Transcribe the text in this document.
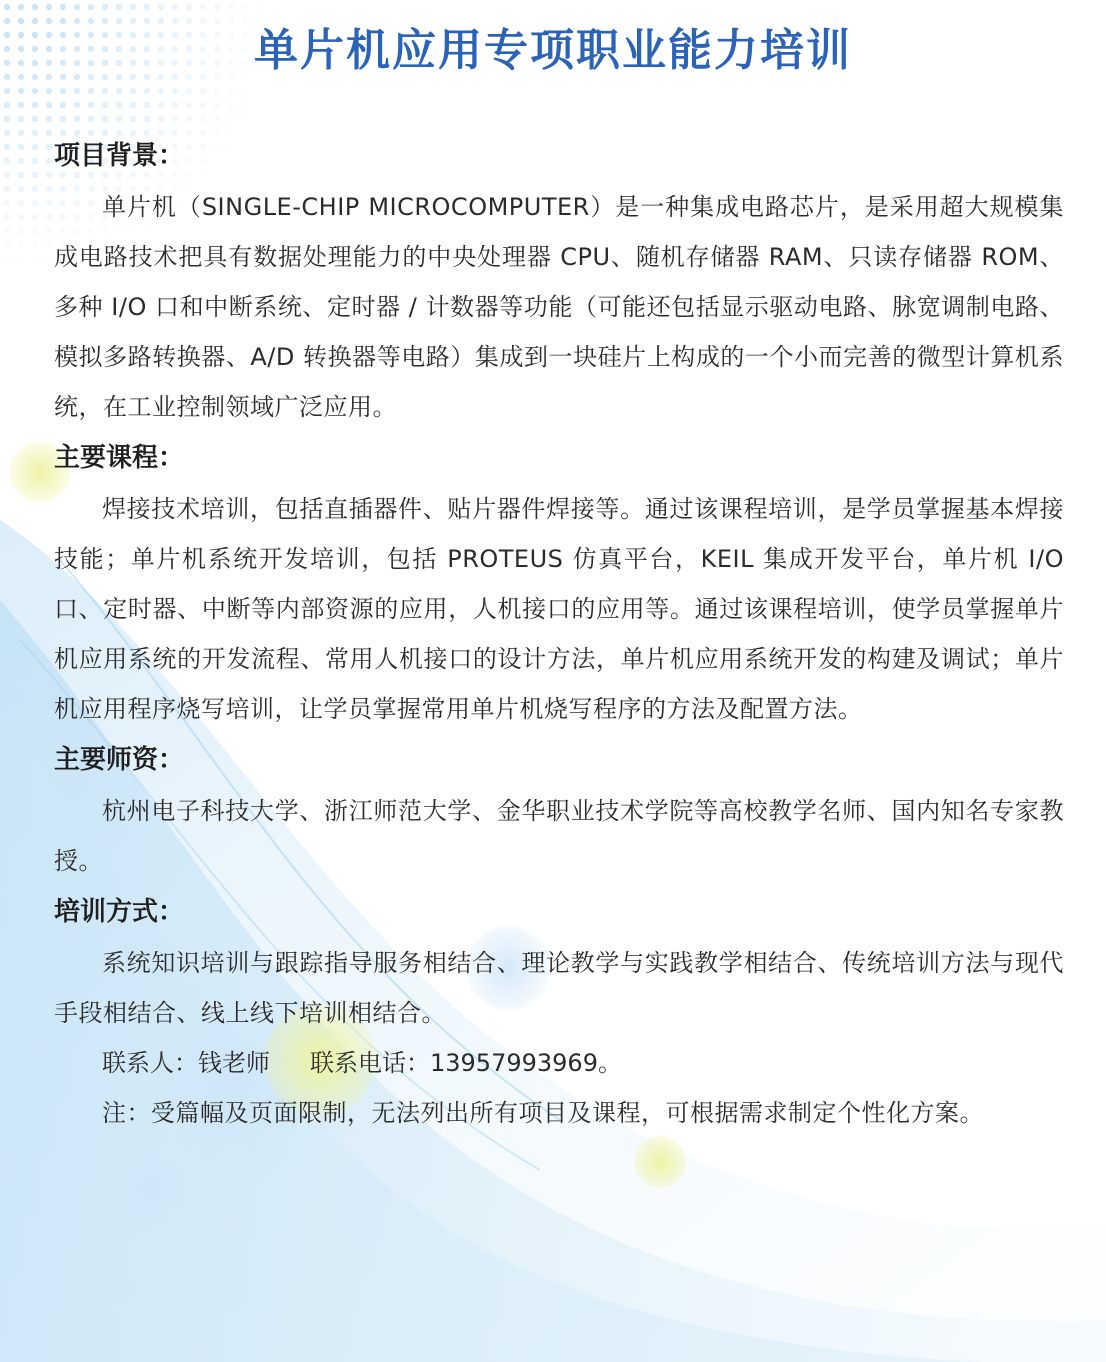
单片机应用专项职业能力培训

项目背景：

单片机（SINGLE-CHIP MICROCOMPUTER）是一种集成电路芯片，是采用超大规模集成电路技术把具有数据处理能力的中央处理器 CPU、随机存储器 RAM、只读存储器 ROM、多种 I/O 口和中断系统、定时器 / 计数器等功能（可能还包括显示驱动电路、脉宽调制电路、模拟多路转换器、A/D 转换器等电路）集成到一块硅片上构成的一个小而完善的微型计算机系统，在工业控制领域广泛应用。

主要课程：

焊接技术培训，包括直插器件、贴片器件焊接等。通过该课程培训，是学员掌握基本焊接技能；单片机系统开发培训，包括 PROTEUS 仿真平台，KEIL 集成开发平台，单片机 I/O 口、定时器、中断等内部资源的应用，人机接口的应用等。通过该课程培训，使学员掌握单片机应用系统的开发流程、常用人机接口的设计方法，单片机应用系统开发的构建及调试；单片机应用程序烧写培训，让学员掌握常用单片机烧写程序的方法及配置方法。

主要师资：

杭州电子科技大学、浙江师范大学、金华职业技术学院等高校教学名师、国内知名专家教授。

培训方式：

系统知识培训与跟踪指导服务相结合、理论教学与实践教学相结合、传统培训方法与现代手段相结合、线上线下培训相结合。

联系人：钱老师 联系电话：13957993969。

注：受篇幅及页面限制，无法列出所有项目及课程，可根据需求制定个性化方案。
